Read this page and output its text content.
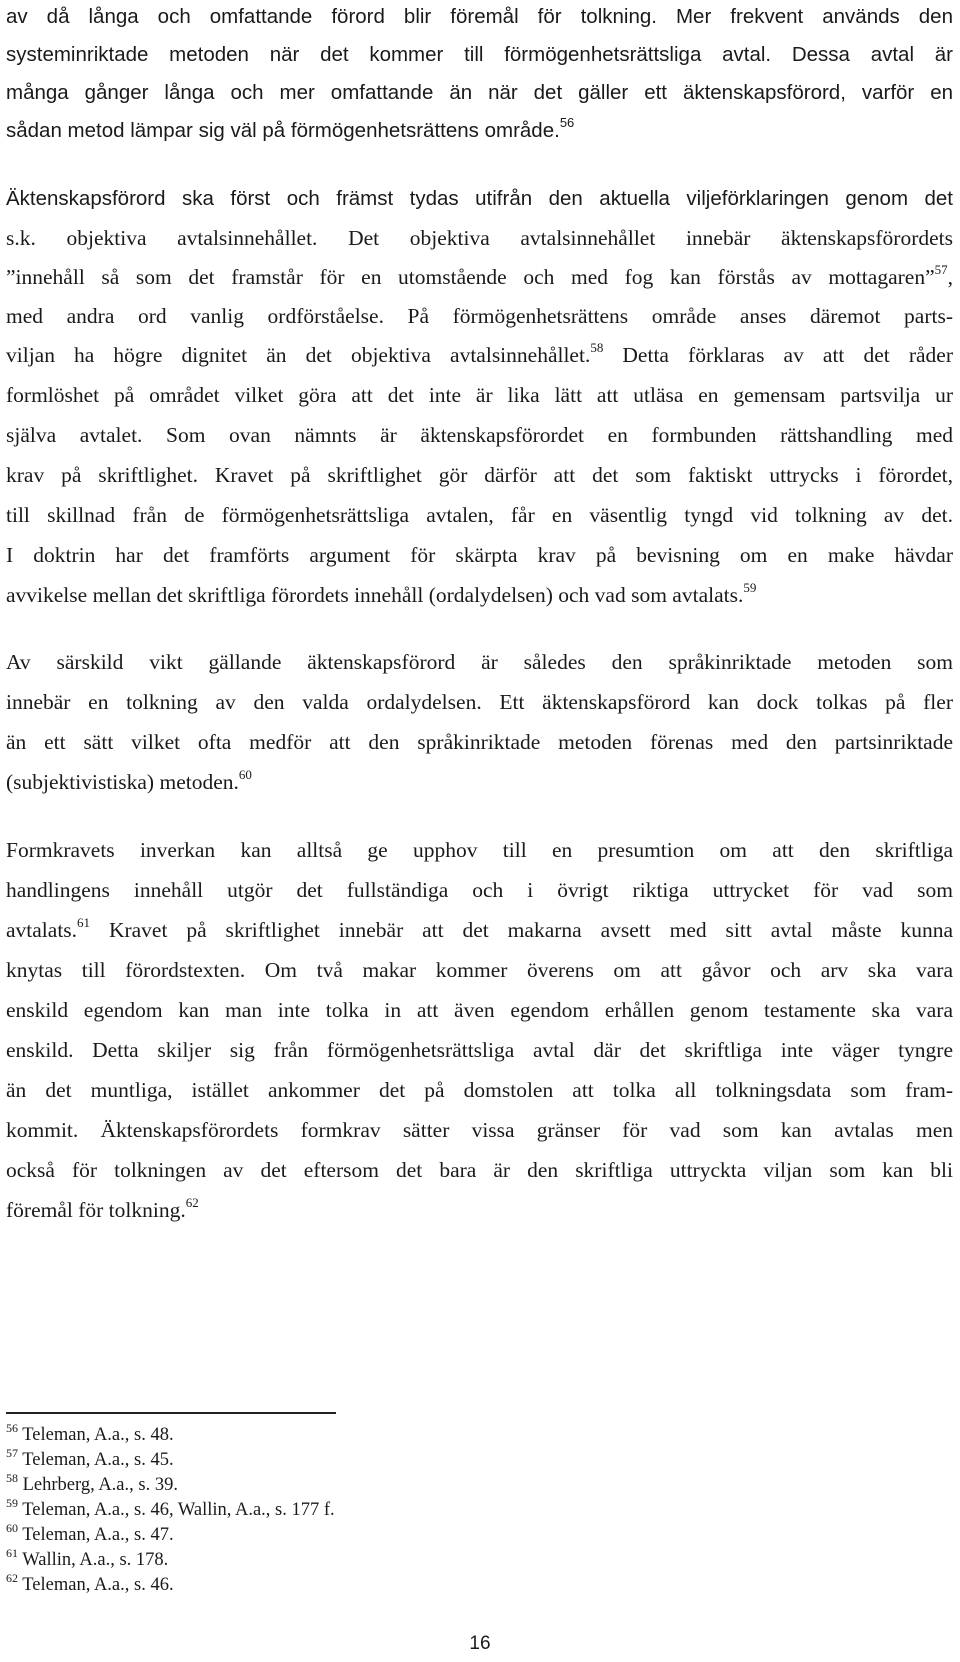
av då långa och omfattande förord blir föremål för tolkning. Mer frekvent används den
systeminriktade metoden när det kommer till förmögenhetsrättsliga avtal. Dessa avtal är
många gånger långa och mer omfattande än när det gäller ett äktenskapsförord, varför en
sådan metod lämpar sig väl på förmögenhetsrättens område.$^{56}$
Äktenskapsförord ska först och främst tydas utifrån den aktuella viljeförklaringen genom det
s.k. objektiva avtalsinnehållet. Det objektiva avtalsinnehållet innebär äktenskapsförordets
”innehåll så som det framstår för en utomstående och med fog kan förstås av mottagaren”$^{57}$,
med andra ord vanlig ordförståelse. På förmögenhetsrättens område anses däremot parts-
viljan ha högre dignitet än det objektiva avtalsinnehållet.$^{58}$ Detta förklaras av att det råder
formlöshet på området vilket göra att det inte är lika lätt att utläsa en gemensam partsvilja ur
själva avtalet. Som ovan nämnts är äktenskapsförordet en formbunden rättshandling med
krav på skriftlighet. Kravet på skriftlighet gör därför att det som faktiskt uttrycks i förordet,
till skillnad från de förmögenhetsrättsliga avtalen, får en väsentlig tyngd vid tolkning av det.
I doktrin har det framförts argument för skärpta krav på bevisning om en make hävdar
avvikelse mellan det skriftliga förordets innehåll (ordalydelsen) och vad som avtalats.$^{59}$
Av särskild vikt gällande äktenskapsförord är således den språkinriktade metoden som
innebär en tolkning av den valda ordalydelsen. Ett äktenskapsförord kan dock tolkas på fler
än ett sätt vilket ofta medför att den språkinriktade metoden förenas med den partsinriktade
(subjektivistiska) metoden.$^{60}$
Formkravets inverkan kan alltså ge upphov till en presumtion om att den skriftliga
handlingens innehåll utgör det fullständiga och i övrigt riktiga uttrycket för vad som
avtalats.$^{61}$ Kravet på skriftlighet innebär att det makarna avsett med sitt avtal måste kunna
knytas till förordstexten. Om två makar kommer överens om att gåvor och arv ska vara
enskild egendom kan man inte tolka in att även egendom erhållen genom testamente ska vara
enskild. Detta skiljer sig från förmögenhetsrättsliga avtal där det skriftliga inte väger tyngre
än det muntliga, istället ankommer det på domstolen att tolka all tolkningsdata som fram-
kommit. Äktenskapsförordets formkrav sätter vissa gränser för vad som kan avtalas men
också för tolkningen av det eftersom det bara är den skriftliga uttryckta viljan som kan bli
föremål för tolkning.$^{62}$
$^{56}$ Teleman, A.a., s. 48.
$^{57}$ Teleman, A.a., s. 45.
$^{58}$ Lehrberg, A.a., s. 39.
$^{59}$ Teleman, A.a., s. 46, Wallin, A.a., s. 177 f.
$^{60}$ Teleman, A.a., s. 47.
$^{61}$ Wallin, A.a., s. 178.
$^{62}$ Teleman, A.a., s. 46.
16
